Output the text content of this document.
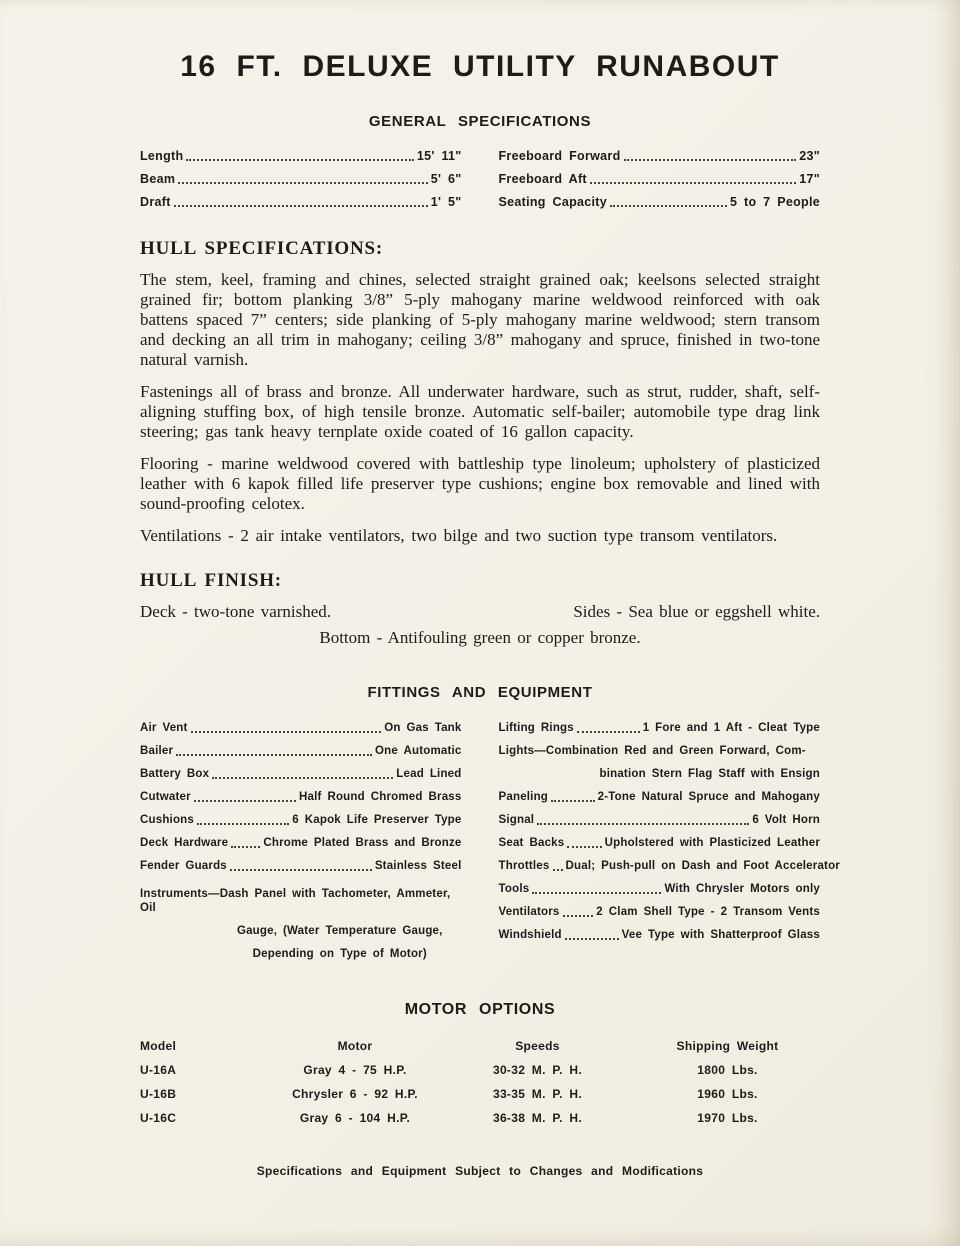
16 FT. DELUXE UTILITY RUNABOUT
GENERAL SPECIFICATIONS
Length	15' 11"
Beam	5' 6"
Draft	1' 5"
Freeboard Forward	23"
Freeboard Aft	17"
Seating Capacity	5 to 7 People
HULL SPECIFICATIONS:

The stem, keel, framing and chines, selected straight grained oak; keelsons selected straight grained fir; bottom planking 3/8” 5-ply mahogany marine weldwood reinforced with oak battens spaced 7” centers; side planking of 5-ply mahogany marine weldwood; stern transom and decking an all trim in mahogany; ceiling 3/8” mahogany and spruce, finished in two-tone natural varnish.

Fastenings all of brass and bronze. All underwater hardware, such as strut, rudder, shaft, self-aligning stuffing box, of high tensile bronze. Automatic self-bailer; automobile type drag link steering; gas tank heavy ternplate oxide coated of 16 gallon capacity.

Flooring - marine weldwood covered with battleship type linoleum; upholstery of plasticized leather with 6 kapok filled life preserver type cushions; engine box removable and lined with sound-proofing celotex.

Ventilations - 2 air intake ventilators, two bilge and two suction type transom ventilators.

HULL FINISH:
Deck - two-tone varnished.	Sides - Sea blue or eggshell white.
Bottom - Antifouling green or copper bronze.
FITTINGS AND EQUIPMENT
Air Vent	On Gas Tank
Bailer	One Automatic
Battery Box	Lead Lined
Cutwater	Half Round Chromed Brass
Cushions	6 Kapok Life Preserver Type
Deck Hardware	Chrome Plated Brass and Bronze
Fender Guards	Stainless Steel
Instruments—Dash Panel with Tachometer, Ammeter, Oil
Gauge, (Water Temperature Gauge,
Depending on Type of Motor)
Lifting Rings	1 Fore and 1 Aft - Cleat Type
Lights—Combination Red and Green Forward, Com-
bination Stern Flag Staff with Ensign
Paneling	2-Tone Natural Spruce and Mahogany
Signal	6 Volt Horn
Seat Backs	Upholstered with Plasticized Leather
Throttles Dual; Push-pull on Dash and Foot Accelerator
Tools	With Chrysler Motors only
Ventilators	2 Clam Shell Type - 2 Transom Vents
Windshield	Vee Type with Shatterproof Glass
MOTOR OPTIONS
Model	Motor	Speeds	Shipping Weight
U-16A	Gray 4 - 75 H.P.	30-32 M. P. H.	1800 Lbs.
U-16B	Chrysler 6 - 92 H.P.	33-35 M. P. H.	1960 Lbs.
U-16C	Gray 6 - 104 H.P.	36-38 M. P. H.	1970 Lbs.
Specifications and Equipment Subject to Changes and Modifications
